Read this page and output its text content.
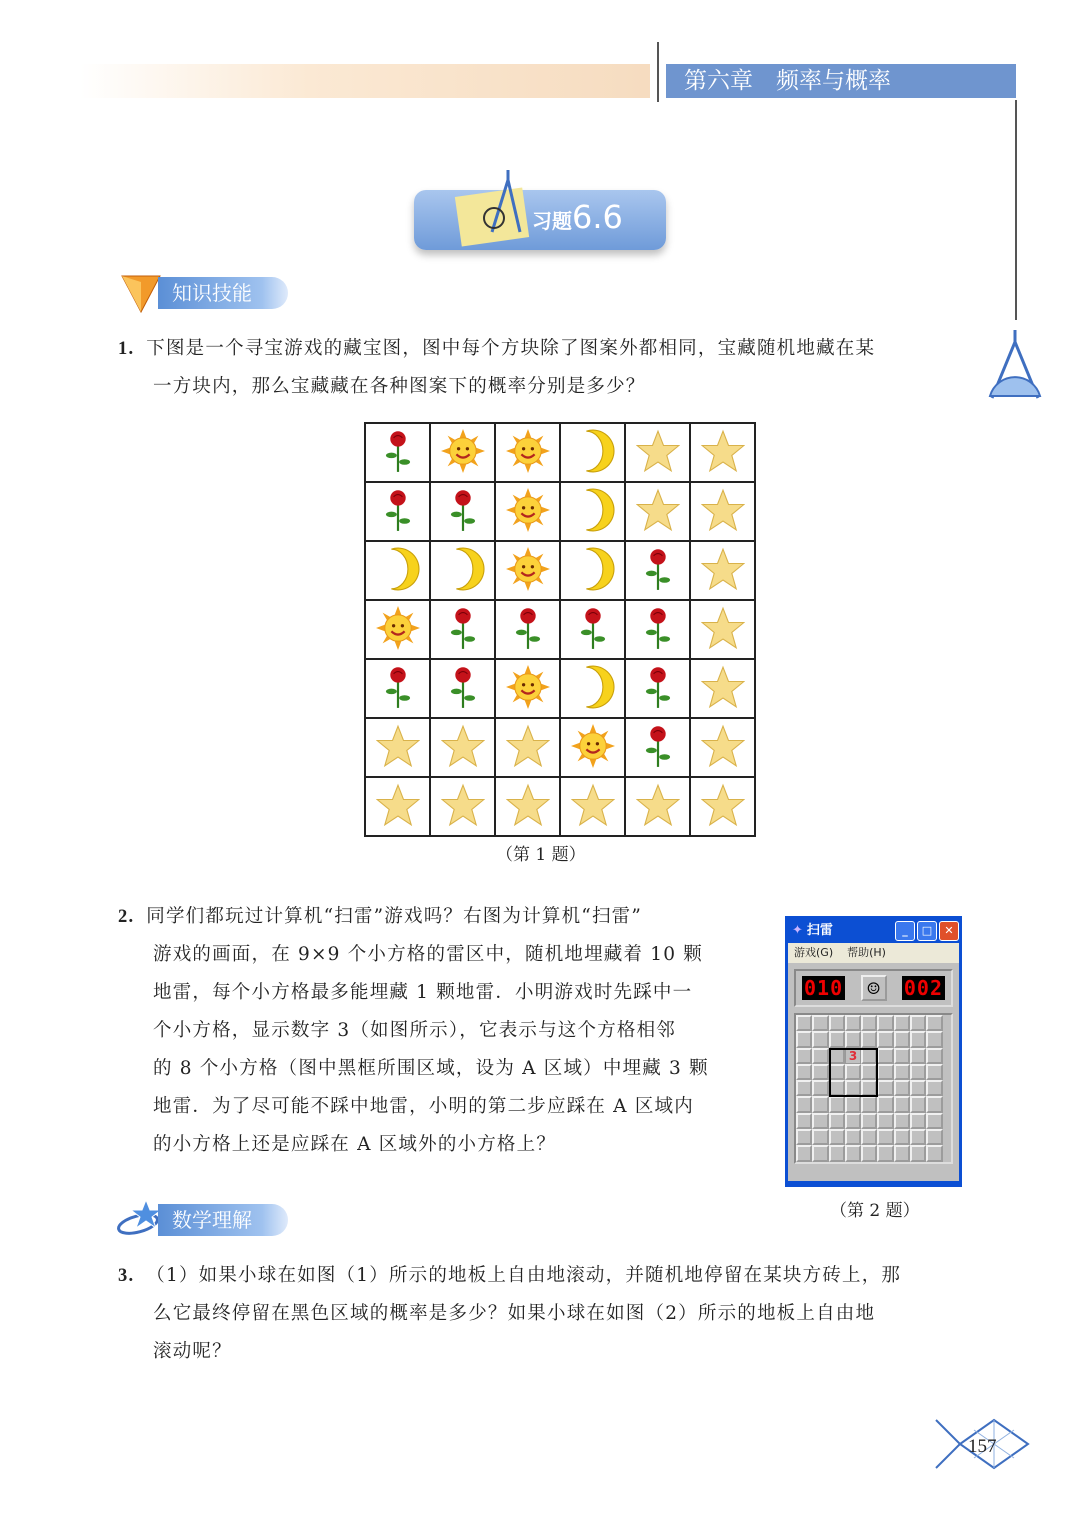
第六章　频率与概率
习题6.6
知识技能
1. 下图是一个寻宝游戏的藏宝图，图中每个方块除了图案外都相同，宝藏随机地藏在某
一方块内，那么宝藏藏在各种图案下的概率分别是多少？

（第 1 题）
2. 同学们都玩过计算机“扫雷”游戏吗？右图为计算机“扫雷”
游戏的画面，在 9×9 个小方格的雷区中，随机地埋藏着 10 颗
地雷，每个小方格最多能埋藏 1 颗地雷．小明游戏时先踩中一
个小方格，显示数字 3（如图所示），它表示与这个方格相邻
的 8 个小方格（图中黑框所围区域，设为 A 区域）中埋藏 3 颗
地雷．为了尽可能不踩中地雷，小明的第二步应踩在 A 区域内
的小方格上还是应踩在 A 区域外的小方格上？
✦ 扫雷	_	□	✕
游戏(G) 帮助(H)
010	☺ 002
3
（第 2 题）
数学理解
3. （1）如果小球在如图（1）所示的地板上自由地滚动，并随机地停留在某块方砖上，那
么它最终停留在黑色区域的概率是多少？如果小球在如图（2）所示的地板上自由地
滚动呢？
157
